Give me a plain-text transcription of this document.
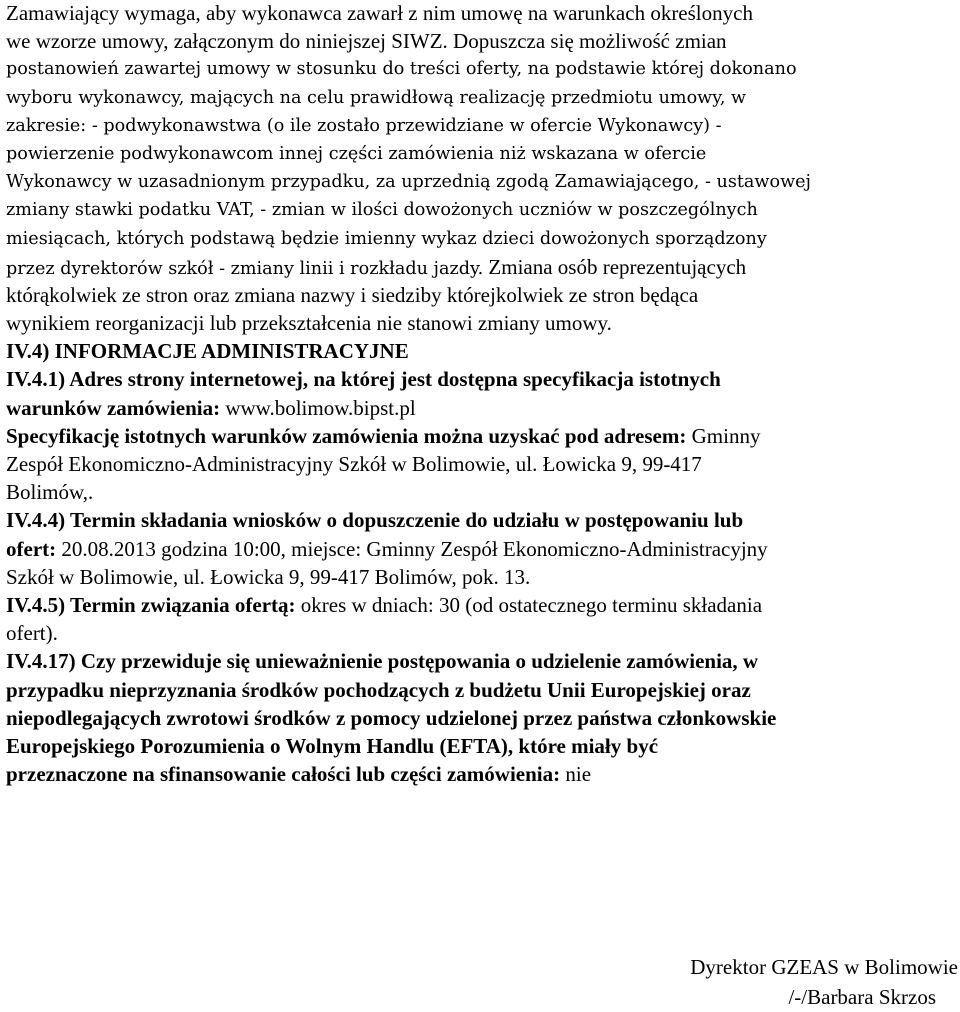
Zamawiający wymaga, aby wykonawca zawarł z nim umowę na warunkach określonych
we wzorze umowy, załączonym do niniejszej SIWZ. Dopuszcza się możliwość zmian
postanowień zawartej umowy w stosunku do treści oferty, na podstawie której dokonano
wyboru wykonawcy, mających na celu prawidłową realizację przedmiotu umowy, w
zakresie: - podwykonawstwa (o ile zostało przewidziane w ofercie Wykonawcy) -
powierzenie podwykonawcom innej części zamówienia niż wskazana w ofercie
Wykonawcy w uzasadnionym przypadku, za uprzednią zgodą Zamawiającego, - ustawowej
zmiany stawki podatku VAT, - zmian w ilości dowożonych uczniów w poszczególnych
miesiącach, których podstawą będzie imienny wykaz dzieci dowożonych sporządzony
przez dyrektorów szkół - zmiany linii i rozkładu jazdy. Zmiana osób reprezentujących
którąkolwiek ze stron oraz zmiana nazwy i siedziby którejkolwiek ze stron będąca
wynikiem reorganizacji lub przekształcenia nie stanowi zmiany umowy.
IV.4) INFORMACJE ADMINISTRACYJNE
IV.4.1) Adres strony internetowej, na której jest dostępna specyfikacja istotnych
warunków zamówienia: www.bolimow.bipst.pl
Specyfikację istotnych warunków zamówienia można uzyskać pod adresem: Gminny
Zespół Ekonomiczno-Administracyjny Szkół w Bolimowie, ul. Łowicka 9, 99-417
Bolimów,.
IV.4.4) Termin składania wniosków o dopuszczenie do udziału w postępowaniu lub
ofert: 20.08.2013 godzina 10:00, miejsce: Gminny Zespół Ekonomiczno-Administracyjny
Szkół w Bolimowie, ul. Łowicka 9, 99-417 Bolimów, pok. 13.
IV.4.5) Termin związania ofertą: okres w dniach: 30 (od ostatecznego terminu składania
ofert).
IV.4.17) Czy przewiduje się unieważnienie postępowania o udzielenie zamówienia, w
przypadku nieprzyznania środków pochodzących z budżetu Unii Europejskiej oraz
niepodlegających zwrotowi środków z pomocy udzielonej przez państwa członkowskie
Europejskiego Porozumienia o Wolnym Handlu (EFTA), które miały być
przeznaczone na sfinansowanie całości lub części zamówienia: nie
Dyrektor GZEAS w Bolimowie
/-/Barbara Skrzos
